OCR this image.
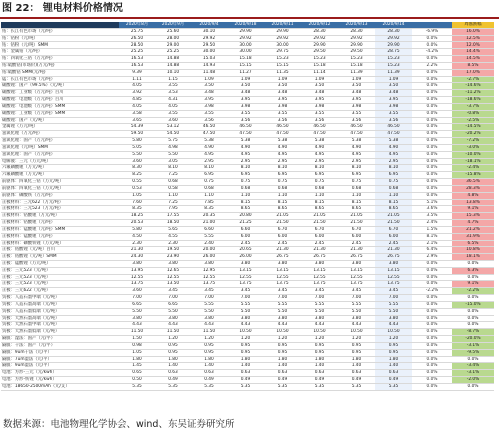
图 22： 锂电材料价格情况
	2020年8月	2020年9月	2020/9/4	2020/9/18	2020/9/11	2020/9/12	2020/9/13	2020/9/14		周涨跌幅
钴：长江有色市场（元/吨）	25.75	25.60	30.10	29.90	29.90	28.30	28.30	28.30	-6.9%	16.0%
钴：钴粉（元/吨）	26.50	28.00	29.92	29.92	29.92	29.92	29.92	29.92	0.0%	12.5%
钴：钴粉（元/吨）SMM	28.50	29.00	29.50	30.00	30.00	29.90	29.90	29.90	0.0%	12.0%
钴：金属钴（元/吨）	25.25	25.25	30.00	30.00	29.75	29.50	29.50	28.75	-4.2%	14.4%
钴：四氧化三钴（万元/吨）	16.53	14.88	15.03	15.18	15.23	15.23	15.23	15.23	0.0%	14.5%
钴:硫酸钴(市场价)(万元/吨)	16.53	14.88	14.93	15.15	15.15	15.18	15.18	15.23	2.2%	8.5%
钴:硫酸钴 SMM(元/吨)	9.39	10.10	11.48	11.27	11.35	11.14	11.39	11.39	0.0%	17.0%
锰：长江有色市场（元/吨）	1.11	1.15	1.09	1.09	1.09	1.09	1.09	1.09	0.0%	-2.7%
碳酸锂：国产（99.5%）（元/吨）	4.05	3.55	3.50	3.50	3.50	3.50	3.50	3.50	0.0%	-14.6%
碳酸锂：工业级（万元/吨）百川	3.92	3.53	3.48	3.48	3.48	3.48	3.48	3.48	0.0%	-11.2%
碳酸锂：电池级（万元/吨）百川	4.85	4.31	3.95	3.95	3.95	3.95	3.95	3.95	0.0%	-18.6%
碳酸锂：电池级（万元/吨）SMM	4.05	4.05	3.98	3.98	3.98	3.98	3.98	3.98	0.0%	-3.7%
碳酸锂：工业级（万元/吨）SMM	3.58	3.55	3.55	3.55	3.55	3.55	3.55	3.55	0.0%	-0.8%
碳酸锂：国产（元/吨）	3.65	3.60	3.56	3.56	3.56	3.56	3.56	3.56	0.0%	-2.5%
金属锂（万元/吨）	54.39	53.12	46.50	46.50	46.50	46.50	46.50	46.50	0.0%	-14.5%
氢氧化锂（万元/吨）	59.50	54.50	47.50	47.50	47.50	47.50	47.50	47.50	0.0%	-20.2%
氢氧化锂：国产（万元/吨）	5.80	5.75	5.38	5.38	5.38	5.38	5.38	5.38	0.0%	-7.2%
氢氧化锂（元/吨）SMM	5.05	4.98	4.90	4.90	4.90	4.90	4.90	4.90	0.0%	-3.0%
氢氧化锂：国产（万元/吨）	5.50	5.50	4.95	4.95	4.95	4.95	4.95	4.95	0.0%	-10.0%
电解液：三元（万元/吨）	3.60	3.05	2.95	2.95	2.95	2.95	2.95	2.95	0.0%	-18.1%
六氟磷酸锂（万元/吨）	8.30	8.10	8.10	8.10	8.10	8.10	8.10	8.10	0.0%	-2.4%
六氟磷酸锂（万元/吨）	8.25	7.25	6.95	6.95	6.95	6.95	6.95	6.95	0.0%	-15.8%
前驱体：四氧化三钴（万元/吨）	0.55	0.68	0.75	0.75	0.75	0.75	0.75	0.75	0.0%	36.5%
前驱体：四氧化三钴（万元/吨）	0.53	0.58	0.68	0.68	0.68	0.68	0.68	0.68	0.0%	28.3%
前驱体：磷酸铁（万元/吨）	1.05	1.10	1.10	1.10	1.10	1.10	1.10	1.10	0.0%	4.8%
正极材料：三元622（万元/吨）	7.60	7.25	7.85	8.15	8.15	8.15	8.15	8.15	5.1%	13.8%
正极材料：三元523（万元/吨）	8.35	7.95	8.35	8.65	8.65	8.65	8.65	8.65	3.6%	9.1%
正极材料：钴酸锂（万元/吨）	18.25	17.55	20.35	20.80	21.05	21.05	21.05	21.05	3.5%	15.3%
正极材料：钴酸锂（元/吨）	20.53	18.50	21.00	21.25	21.50	21.50	21.50	21.50	2.4%	4.7%
正极材料：锰酸锂（元/吨）SMM	5.80	5.65	6.60	6.60	6.70	6.70	6.70	6.70	1.5%	21.2%
正极材料：锰酸锂（元/吨）	4.50	4.55	5.55	6.00	6.00	6.00	6.00	6.00	8.1%	31.9%
正极材料：磷酸铁锂（万元/吨）	2.30	2.30	2.40	2.45	2.45	2.45	2.45	2.45	2.1%	6.5%
正极：钴酸锂（元/吨）百川	21.30	19.50	20.00	20.65	21.30	21.30	21.30	21.30	6.4%	10.8%
正极：钴酸锂（元/吨）SMM	24.30	23.90	26.00	26.00	26.75	26.75	26.75	26.75	2.9%	18.1%
正极：锰酸锂（万元/吨）	3.80	3.80	3.80	3.80	3.80	3.80	3.80	3.80	0.0%	0.0%
正极：三元523（元/吨）	13.95	12.65	12.95	13.15	13.15	13.15	13.15	13.15	0.0%	6.3%
正极：三元523（元/吨）	12.55	12.55	12.55	12.55	12.55	12.55	12.55	12.55	0.0%	0.0%
正极：三元523（元/吨）	13.75	13.50	13.75	13.75	13.75	13.75	13.75	13.75	0.0%	9.1%
正极：三元622（元/吨）	3.60	3.45	3.45	3.45	3.45	3.45	3.45	3.45	-2.2%	-2.2%
负极：人造石墨中端（元/吨）	7.00	7.00	7.00	7.00	7.00	7.00	7.00	7.00	0.0%	0.0%
负极：人造石墨高端（元/吨）	6.65	6.65	5.55	5.55	5.55	5.55	5.55	5.55	0.0%	-15.0%
负极：人造石墨低端（元/吨）	5.50	5.50	5.50	5.50	5.50	5.50	5.50	5.50	0.0%	0.0%
负极：天然石墨高端（元/吨）	3.80	3.80	3.80	3.80	3.80	3.80	3.80	3.80	0.0%	0.0%
负极：天然石墨中端（元/吨）	4.43	4.43	4.43	4.43	4.43	4.43	4.43	4.43	0.0%	0.0%
负极：天然石墨低端（元/吨）	11.50	11.50	11.50	10.50	10.50	10.50	10.50	10.50	0.0%	-8.7%
隔膜：湿法：国产（元/平）	1.50	1.20	1.20	1.20	1.20	1.20	1.20	1.20	0.0%	-20.0%
隔膜：干法：国产（元/平）	0.98	0.95	0.95	0.95	0.95	0.95	0.95	0.95	0.0%	-3.1%
隔膜：9um干法（元/平）	1.05	0.95	0.95	0.95	0.95	0.95	0.95	0.95	0.0%	-9.5%
隔膜：7um湿法（元/平）	1.80	1.80	1.80	1.80	1.80	1.80	1.80	1.80	0.0%	0.0%
隔膜：9um湿法（元/平）	1.45	1.40	1.40	1.40	1.40	1.40	1.40	1.40	0.0%	-3.4%
电池：方形-三元（元/kwh）	0.65	0.63	0.63	0.63	0.63	0.63	0.63	0.63	0.0%	-3.1%
电池：方形-铁锂（元/kwh）	0.50	0.49	0.49	0.49	0.49	0.49	0.49	0.49	0.0%	-2.0%
电池：18650-2500mAh（元/支）	5.35	5.35	5.35	5.35	5.35	5.35	5.35	5.35	0.0%	0.0%
数据来源：电池物理化学协会、wind、东吴证券研究所
